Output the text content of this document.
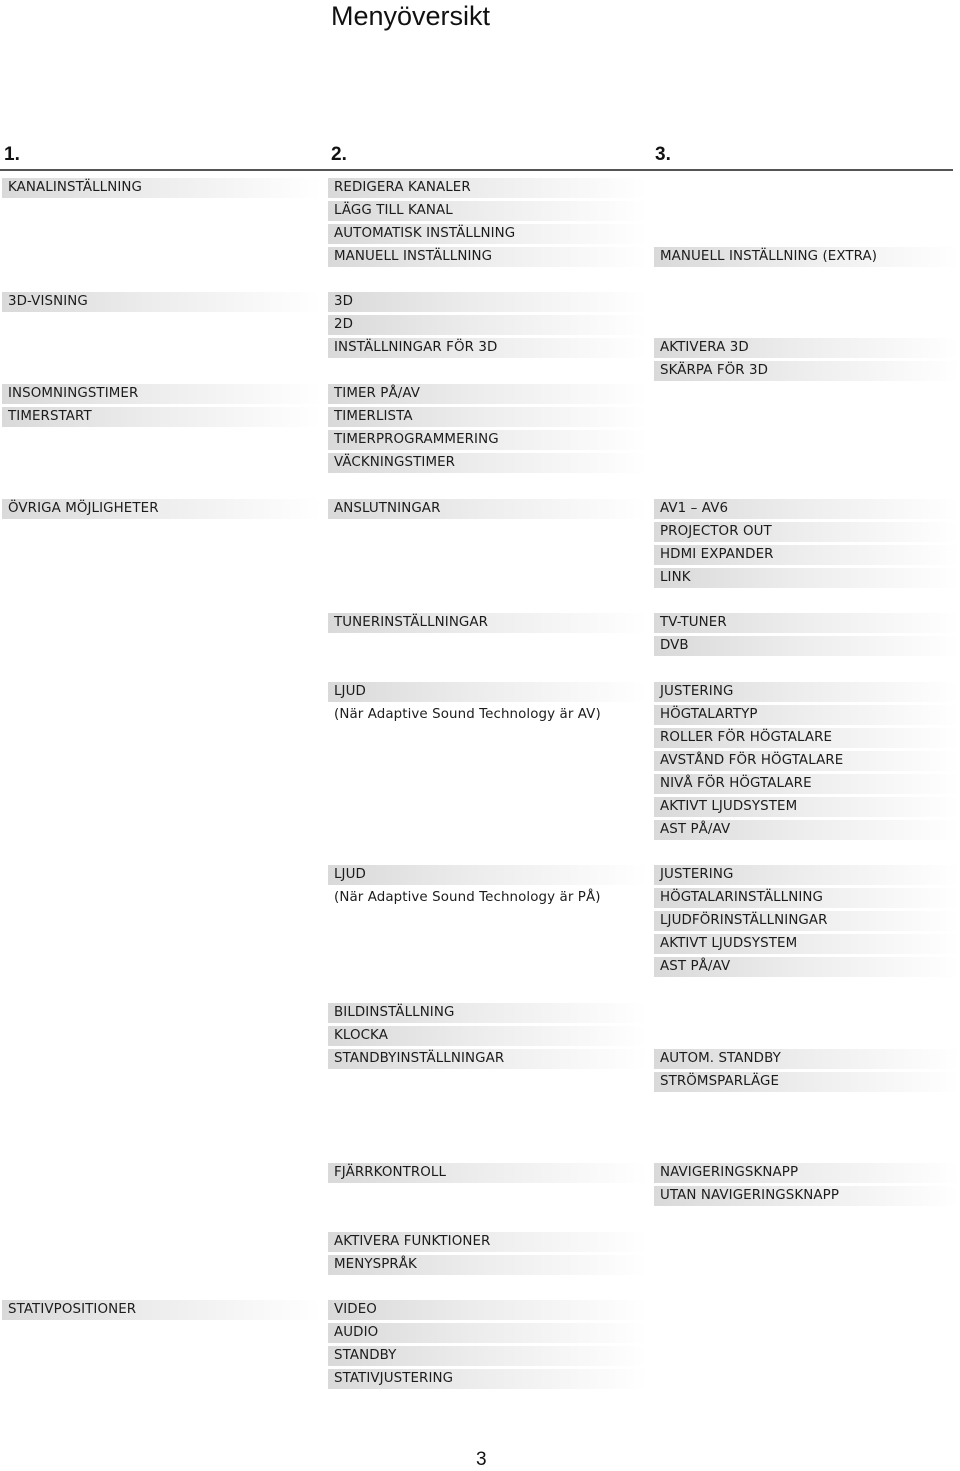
Menyöversikt
1.	2.	3.
KANALINSTÄLLNING
3D-VISNING
INSOMNINGSTIMER
TIMERSTART
ÖVRIGA MÖJLIGHETER
STATIVPOSITIONER
REDIGERA KANALER
LÄGG TILL KANAL
AUTOMATISK INSTÄLLNING
MANUELL INSTÄLLNING
3D
2D
INSTÄLLNINGAR FÖR 3D
TIMER PÅ/AV
TIMERLISTA
TIMERPROGRAMMERING
VÄCKNINGSTIMER
ANSLUTNINGAR
TUNERINSTÄLLNINGAR
LJUD
(När Adaptive Sound Technology är AV)
LJUD
(När Adaptive Sound Technology är PÅ)
BILDINSTÄLLNING
KLOCKA
STANDBYINSTÄLLNINGAR
FJÄRRKONTROLL
AKTIVERA FUNKTIONER
MENYSPRÅK
VIDEO
AUDIO
STANDBY
STATIVJUSTERING
MANUELL INSTÄLLNING (EXTRA)
AKTIVERA 3D
SKÄRPA FÖR 3D
AV1 – AV6
PROJECTOR OUT
HDMI EXPANDER
LINK
TV-TUNER
DVB
JUSTERING
HÖGTALARTYP
ROLLER FÖR HÖGTALARE
AVSTÅND FÖR HÖGTALARE
NIVÅ FÖR HÖGTALARE
AKTIVT LJUDSYSTEM
AST PÅ/AV
JUSTERING
HÖGTALARINSTÄLLNING
LJUDFÖRINSTÄLLNINGAR
AKTIVT LJUDSYSTEM
AST PÅ/AV
AUTOM. STANDBY
STRÖMSPARLÄGE
NAVIGERINGSKNAPP
UTAN NAVIGERINGSKNAPP
3
